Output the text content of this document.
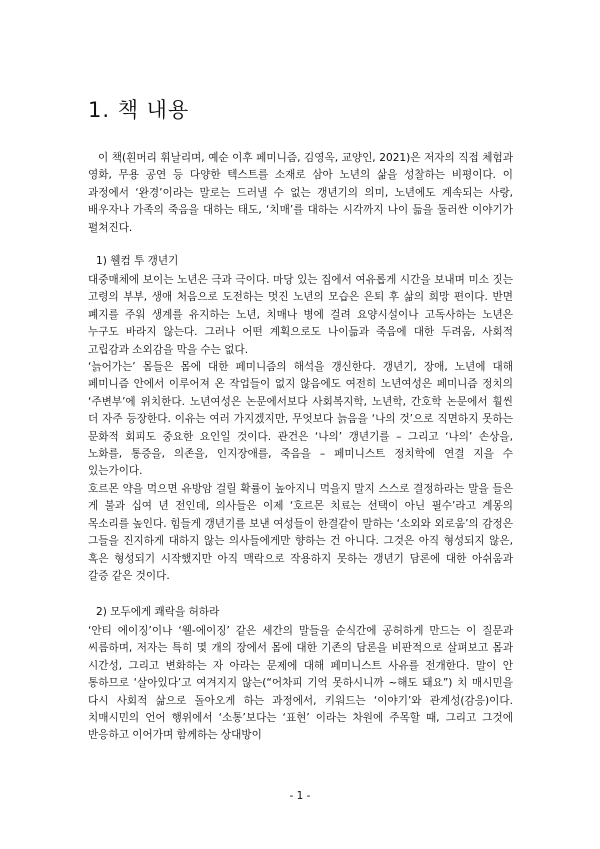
1. 책 내용

이 책(흰머리 휘날리며, 예순 이후 페미니즘, 김영옥, 교양인, 2021)은 저자의 직접 체험과 영화, 무용 공연 등 다양한 텍스트를 소재로 삼아 노년의 삶을 성찰하는 비평이다. 이 과정에서 ‘완경’이라는 말로는 드러낼 수 없는 갱년기의 의미, 노년에도 계속되는 사랑, 배우자나 가족의 죽음을 대하는 태도, ‘치매’를 대하는 시각까지 나이 듦을 둘러싼 이야기가 펼쳐진다.

1) 웰컴 투 갱년기

대중매체에 보이는 노년은 극과 극이다. 마당 있는 집에서 여유롭게 시간을 보내며 미소 짓는 고령의 부부, 생애 처음으로 도전하는 멋진 노년의 모습은 은퇴 후 삶의 희망 편이다. 반면 폐지를 주워 생계를 유지하는 노년, 치매나 병에 걸려 요양시설이나 고독사하는 노년은 누구도 바라지 않는다. 그러나 어떤 계획으로도 나이듦과 죽음에 대한 두려움, 사회적 고립감과 소외감을 막을 수는 없다.

‘늙어가는’ 몸들은 몸에 대한 페미니즘의 해석을 갱신한다. 갱년기, 장애, 노년에 대해 페미니즘 안에서 이루어져 온 작업들이 없지 않음에도 여전히 노년여성은 페미니즘 정치의 ‘주변부’에 위치한다. 노년여성은 논문에서보다 사회복지학, 노년학, 간호학 논문에서 훨씬 더 자주 등장한다. 이유는 여러 가지겠지만, 무엇보다 늙음을 ‘나의 것’으로 직면하지 못하는 문화적 회피도 중요한 요인일 것이다. 관건은 ‘나의’ 갱년기를 – 그리고 ‘나의’ 손상을, 노화를, 통증을, 의존을, 인지장애를, 죽음을 – 페미니스트 정치학에 연결 지을 수 있는가이다.

호르몬 약을 먹으면 유방암 걸릴 확률이 높아지니 먹을지 말지 스스로 결정하라는 말을 들은 게 불과 십여 년 전인데, 의사들은 이제 ‘호르몬 치료는 선택이 아닌 필수’라고 계몽의 목소리를 높인다. 힘들게 갱년기를 보낸 여성들이 한결같이 말하는 ‘소외와 외로움’의 감정은 그들을 진지하게 대하지 않는 의사들에게만 향하는 건 아니다. 그것은 아직 형성되지 않은, 혹은 형성되기 시작했지만 아직 맥락으로 작용하지 못하는 갱년기 담론에 대한 아쉬움과 갈증 같은 것이다.

2) 모두에게 쾌락을 허하라

‘안티 에이징’이나 ‘웰-에이징’ 같은 세간의 말들을 순식간에 공허하게 만드는 이 질문과 씨름하며, 저자는 특히 몇 개의 장에서 몸에 대한 기존의 담론을 비판적으로 살펴보고 몸과 시간성, 그리고 변화하는 자 아라는 문제에 대해 페미니스트 사유를 전개한다. 말이 안 통하므로 ‘살아있다’고 여겨지지 않는(“어차피 기억 못하시니까 ~해도 돼요”) 치 매시민을 다시 사회적 삶으로 돌아오게 하는 과정에서, 키워드는 ‘이야기’와 관계성(감응)이다. 치매시민의 언어 행위에서 ‘소통’보다는 ‘표현’ 이라는 차원에 주목할 때, 그리고 그것에 반응하고 이어가며 함께하는 상대방이

- 1 -
